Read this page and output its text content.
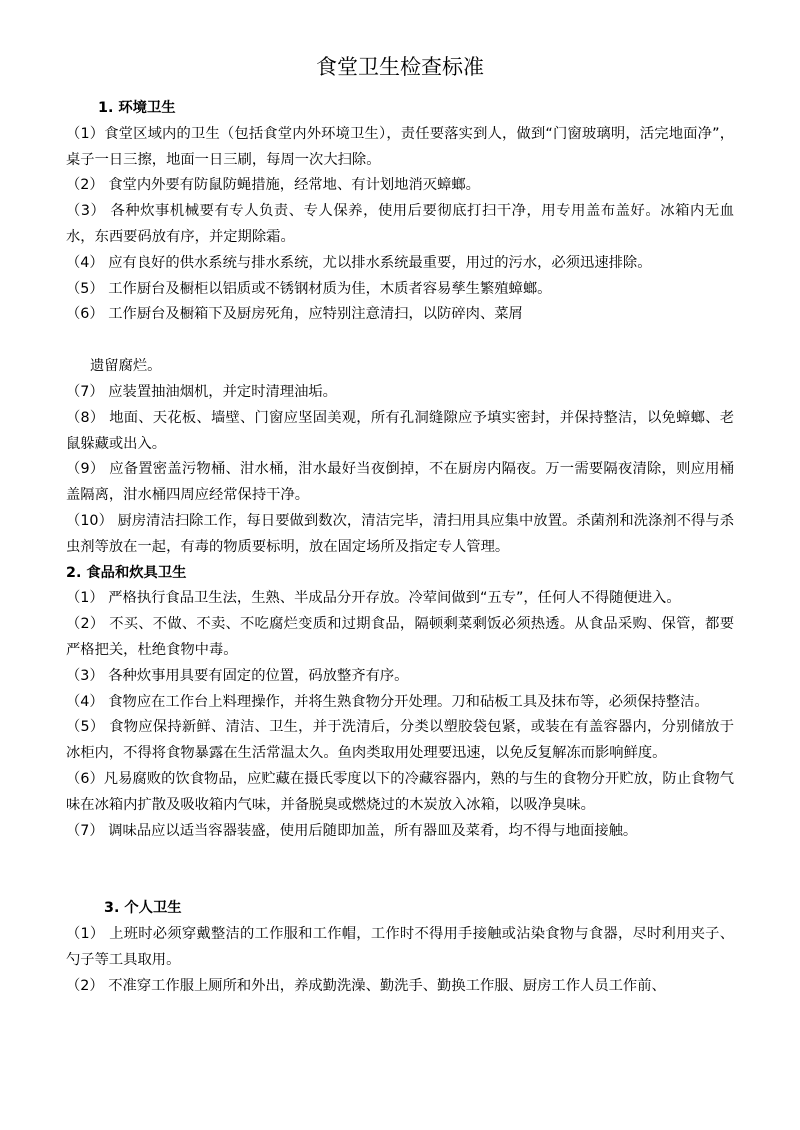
食堂卫生检查标准

1. 环境卫生

（1）食堂区域内的卫生（包括食堂内外环境卫生），责任要落实到人，做到“门窗玻璃明，活完地面净”，桌子一日三擦，地面一日三刷，每周一次大扫除。

（2） 食堂内外要有防鼠防蝇措施，经常地、有计划地消灭蟑螂。

（3） 各种炊事机械要有专人负责、专人保养，使用后要彻底打扫干净，用专用盖布盖好。冰箱内无血水，东西要码放有序，并定期除霜。

（4） 应有良好的供水系统与排水系统，尤以排水系统最重要，用过的污水，必须迅速排除。

（5） 工作厨台及橱柜以铝质或不锈钢材质为佳，木质者容易孳生繁殖蟑螂。

（6） 工作厨台及橱箱下及厨房死角，应特别注意清扫，以防碎肉、菜屑

遗留腐烂。

（7） 应装置抽油烟机，并定时清理油垢。

（8） 地面、天花板、墙壁、门窗应坚固美观，所有孔洞缝隙应予填实密封，并保持整洁，以免蟑螂、老鼠躲藏或出入。

（9） 应备置密盖污物桶、泔水桶，泔水最好当夜倒掉，不在厨房内隔夜。万一需要隔夜清除，则应用桶盖隔离，泔水桶四周应经常保持干净。

（10） 厨房清洁扫除工作，每日要做到数次，清洁完毕，清扫用具应集中放置。杀菌剂和洗涤剂不得与杀虫剂等放在一起，有毒的物质要标明，放在固定场所及指定专人管理。

2. 食品和炊具卫生

（1） 严格执行食品卫生法，生熟、半成品分开存放。冷荤间做到“五专”，任何人不得随便进入。

（2） 不买、不做、不卖、不吃腐烂变质和过期食品，隔顿剩菜剩饭必须热透。从食品采购、保管，都要严格把关，杜绝食物中毒。

（3） 各种炊事用具要有固定的位置，码放整齐有序。

（4） 食物应在工作台上料理操作，并将生熟食物分开处理。刀和砧板工具及抹布等，必须保持整洁。

（5） 食物应保持新鲜、清洁、卫生，并于洗清后，分类以塑胶袋包紧，或装在有盖容器内，分别储放于冰柜内，不得将食物暴露在生活常温太久。鱼肉类取用处理要迅速，以免反复解冻而影响鲜度。

（6）凡易腐败的饮食物品，应贮藏在摄氏零度以下的冷藏容器内，熟的与生的食物分开贮放，防止食物气味在冰箱内扩散及吸收箱内气味，并备脱臭或燃烧过的木炭放入冰箱，以吸净臭味。

（7） 调味品应以适当容器装盛，使用后随即加盖，所有器皿及菜肴，均不得与地面接触。

3. 个人卫生

（1） 上班时必须穿戴整洁的工作服和工作帽，工作时不得用手接触或沾染食物与食器，尽时利用夹子、勺子等工具取用。

（2） 不准穿工作服上厕所和外出，养成勤洗澡、勤洗手、勤换工作服、厨房工作人员工作前、
